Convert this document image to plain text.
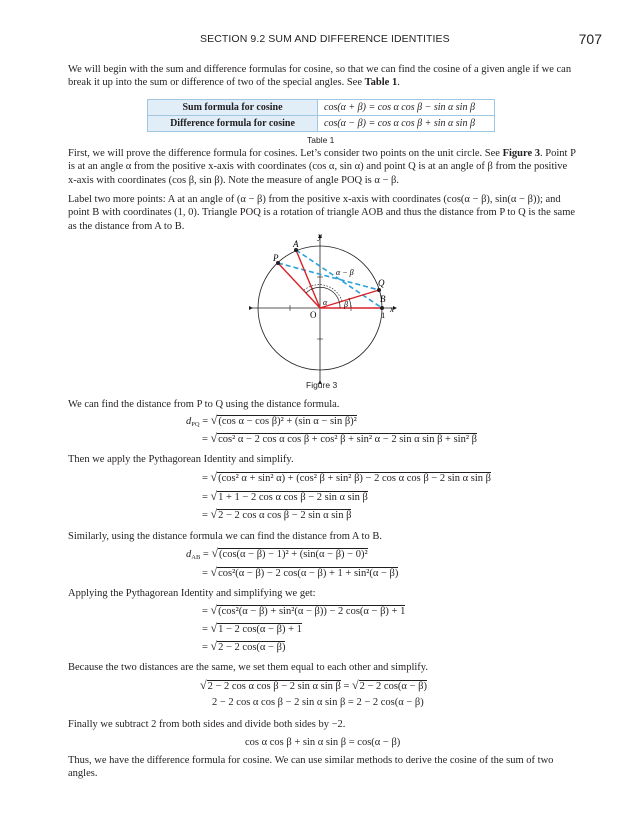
SECTION 9.2 SUM AND DIFFERENCE IDENTITIES	707

We will begin with the sum and difference formulas for cosine, so that we can find the cosine of a given angle if we can break it up into the sum or difference of two of the special angles. See Table 1.

Sum formula for cosine	cos(α + β) = cos α cos β − sin α sin β
Difference formula for cosine	cos(α − β) = cos α cos β + sin α sin β
Table 1

First, we will prove the difference formula for cosines. Let’s consider two points on the unit circle. See Figure 3. Point P is at an angle α from the positive x-axis with coordinates (cos α, sin α) and point Q is at an angle of β from the positive x-axis with coordinates (cos β, sin β). Note the measure of angle POQ is α − β.

Label two more points: A at an angle of (α − β) from the positive x-axis with coordinates (cos(α − β), sin(α − β)); and point B with coordinates (1, 0). Triangle POQ is a rotation of triangle AOB and thus the distance from P to Q is the same as the distance from A to B.

y
x
A
P
Q
B
O	1
α β
α − β
Figure 3

We can find the distance from P to Q using the distance formula.

$d_{PQ} = √(\cos$ α − cos β)² + (sin α − sin β)²
= √cos² α − 2 cos α cos β + cos² β + sin² α − 2 sin α sin β + sin² β

Then we apply the Pythagorean Identity and simplify.

= √(cos² α + sin² α) + (cos² β + sin² β) − 2 cos α cos β − 2 sin α sin β
= √1 + 1 − 2 cos α cos β − 2 sin α sin β
= √2 − 2 cos α cos β − 2 sin α sin β

Similarly, using the distance formula we can find the distance from A to B.

$d_{AB} = √(\cos(\alpha - \beta) - 1)^2 + (\sin(\alpha - \beta) - 0)^2$
= √cos²(α − β) − 2 cos(α − β) + 1 + sin²(α − β)

Applying the Pythagorean Identity and simplifying we get:

= √(cos²(α − β) + sin²(α − β)) − 2 cos(α − β) + 1
= √1 − 2 cos(α − β) + 1
= √2 − 2 cos(α − β)

Because the two distances are the same, we set them equal to each other and simplify.

√2 − 2 cos α cos β − 2 sin α sin β = √2 − 2 cos(α − β)
2 − 2 cos α cos β − 2 sin α sin β = 2 − 2 cos(α − β)

Finally we subtract 2 from both sides and divide both sides by −2.

cos α cos β + sin α sin β = cos(α − β)

Thus, we have the difference formula for cosine. We can use similar methods to derive the cosine of the sum of two angles.
